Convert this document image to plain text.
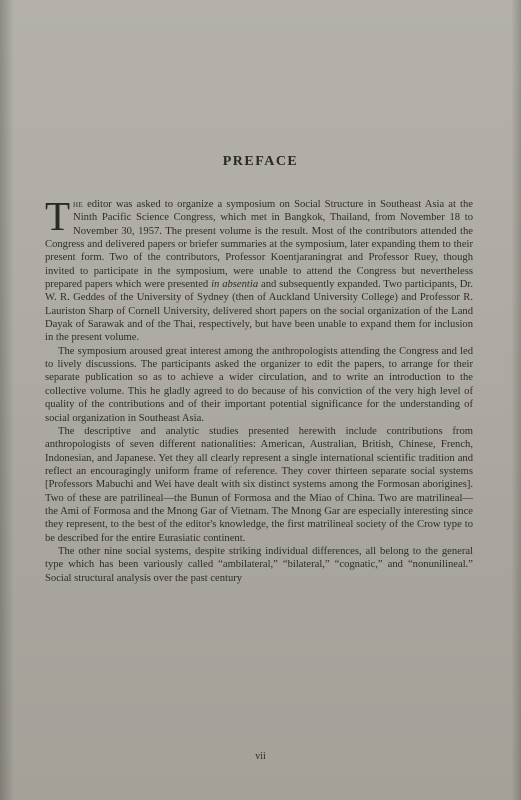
PREFACE

The editor was asked to organize a symposium on Social Structure in Southeast Asia at the Ninth Pacific Science Congress, which met in Bangkok, Thailand, from November 18 to November 30, 1957. The present volume is the result. Most of the contributors attended the Congress and delivered papers or briefer summaries at the symposium, later expanding them to their present form. Two of the contributors, Professor Koentjaraningrat and Professor Ruey, though invited to participate in the symposium, were unable to attend the Congress but nevertheless prepared papers which were presented in absentia and subsequently expanded. Two participants, Dr. W. R. Geddes of the University of Sydney (then of Auckland University College) and Professor R. Lauriston Sharp of Cornell University, delivered short papers on the social organization of the Land Dayak of Sarawak and of the Thai, respectively, but have been unable to expand them for inclusion in the present volume.

The symposium aroused great interest among the anthropologists attending the Congress and led to lively discussions. The participants asked the organizer to edit the papers, to arrange for their separate publication so as to achieve a wider circulation, and to write an introduction to the collective volume. This he gladly agreed to do because of his conviction of the very high level of quality of the contributions and of their important potential significance for the understanding of social organization in Southeast Asia.

The descriptive and analytic studies presented herewith include contributions from anthropologists of seven different nationalities: American, Australian, British, Chinese, French, Indonesian, and Japanese. Yet they all clearly represent a single international scientific tradition and reflect an encouragingly uniform frame of reference. They cover thirteen separate social systems [Professors Mabuchi and Wei have dealt with six distinct systems among the Formosan aborigines]. Two of these are patrilineal—the Bunun of Formosa and the Miao of China. Two are matrilineal—the Ami of Formosa and the Mnong Gar of Vietnam. The Mnong Gar are especially interesting since they represent, to the best of the editor's knowledge, the first matrilineal society of the Crow type to be described for the entire Eurasiatic continent.

The other nine social systems, despite striking individual differences, all belong to the general type which has been variously called “ambilateral,” “bilateral,” “cognatic,” and “nonunilineal.” Social structural analysis over the past century

vii
